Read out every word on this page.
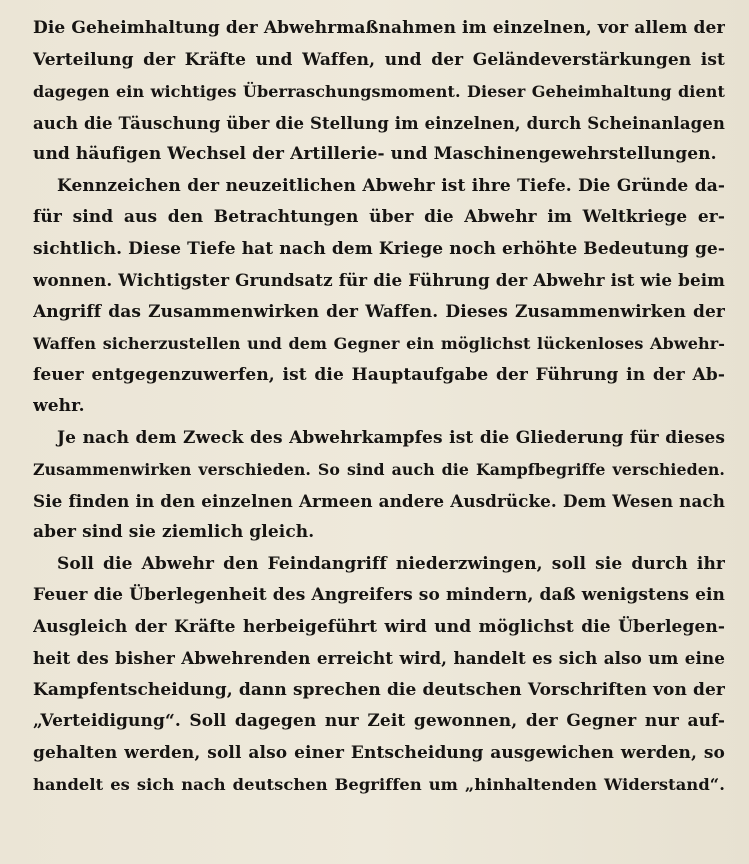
Die Geheimhaltung der Abwehrmaßnahmen im einzelnen, vor allem der
Verteilung der Kräfte und Waffen, und der Geländeverstärkungen ist
dagegen ein wichtiges Überraschungsmoment. Dieser Geheimhaltung dient
auch die Täuschung über die Stellung im einzelnen, durch Scheinanlagen
und häufigen Wechsel der Artillerie- und Maschinengewehrstellungen.
Kennzeichen der neuzeitlichen Abwehr ist ihre Tiefe. Die Gründe da-
für sind aus den Betrachtungen über die Abwehr im Weltkriege er-
sichtlich. Diese Tiefe hat nach dem Kriege noch erhöhte Bedeutung ge-
wonnen. Wichtigster Grundsatz für die Führung der Abwehr ist wie beim
Angriff das Zusammenwirken der Waffen. Dieses Zusammenwirken der
Waffen sicherzustellen und dem Gegner ein möglichst lückenloses Abwehr-
feuer entgegenzuwerfen, ist die Hauptaufgabe der Führung in der Ab-
wehr.
Je nach dem Zweck des Abwehrkampfes ist die Gliederung für dieses
Zusammenwirken verschieden. So sind auch die Kampfbegriffe verschieden.
Sie finden in den einzelnen Armeen andere Ausdrücke. Dem Wesen nach
aber sind sie ziemlich gleich.
Soll die Abwehr den Feindangriff niederzwingen, soll sie durch ihr
Feuer die Überlegenheit des Angreifers so mindern, daß wenigstens ein
Ausgleich der Kräfte herbeigeführt wird und möglichst die Überlegen-
heit des bisher Abwehrenden erreicht wird, handelt es sich also um eine
Kampfentscheidung, dann sprechen die deutschen Vorschriften von der
„Verteidigung“. Soll dagegen nur Zeit gewonnen, der Gegner nur auf-
gehalten werden, soll also einer Entscheidung ausgewichen werden, so
handelt es sich nach deutschen Begriffen um „hinhaltenden Widerstand“.
